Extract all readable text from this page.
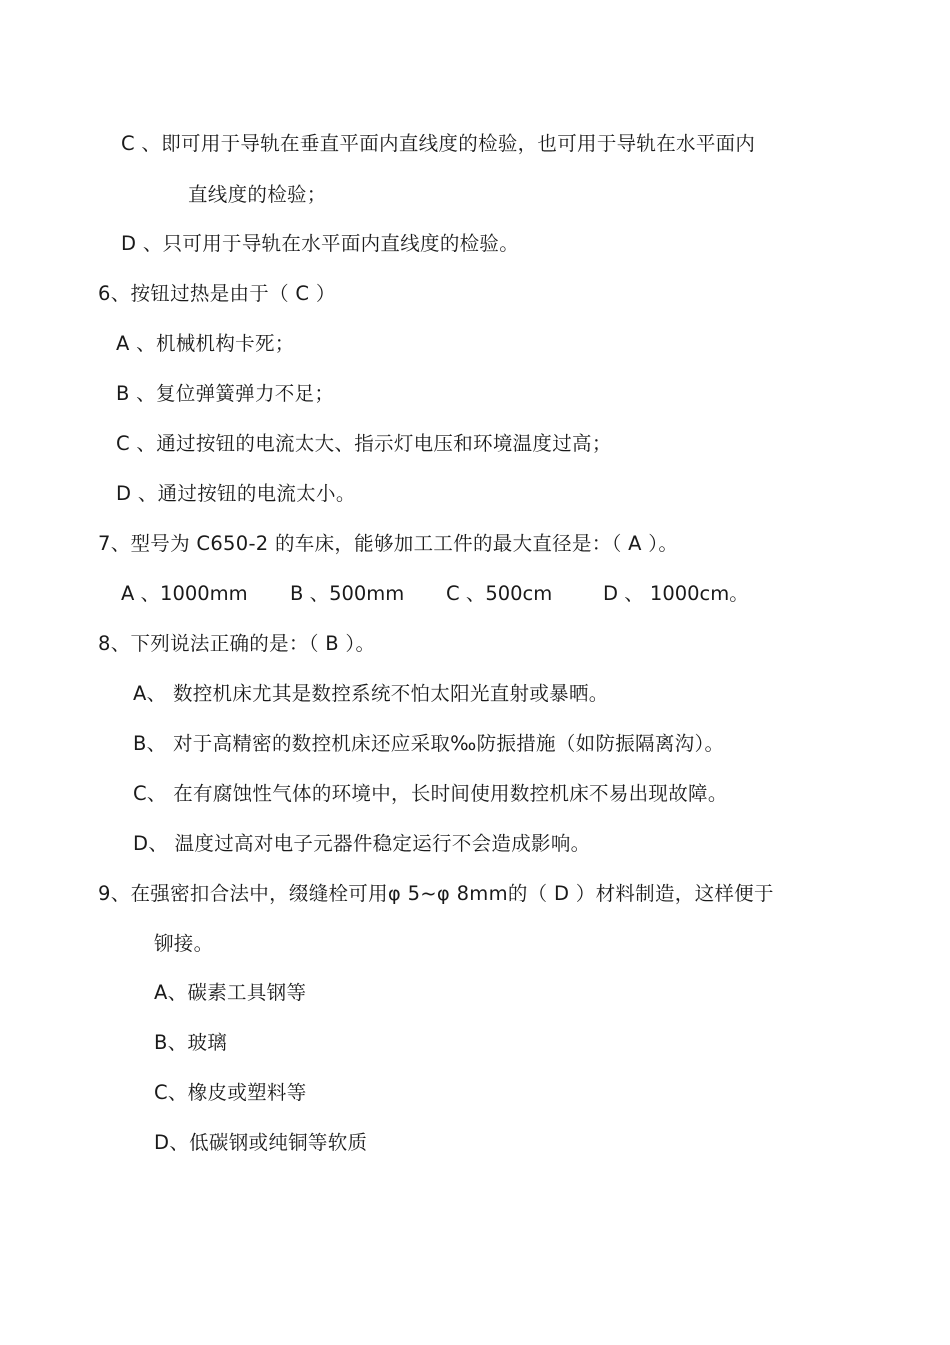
C 、即可用于导轨在垂直平面内直线度的检验，也可用于导轨在水平面内
直线度的检验；
D 、只可用于导轨在水平面内直线度的检验。
6、按钮过热是由于（ C ）
A 、机械机构卡死；
B 、复位弹簧弹力不足；
C 、通过按钮的电流太大、指示灯电压和环境温度过高；
D 、通过按钮的电流太小。
7、型号为 C650-2 的车床，能够加工工件的最大直径是：（ A ）。
A 、1000mm B 、500mm C 、500cm	D 、 1000cm。
8、下列说法正确的是：（ B ）。
A、 数控机床尤其是数控系统不怕太阳光直射或暴晒。
B、 对于高精密的数控机床还应采取‰防振措施（如防振隔离沟）。
C、 在有腐蚀性气体的环境中，长时间使用数控机床不易出现故障。
D、 温度过高对电子元器件稳定运行不会造成影响。
9、在强密扣合法中，缀缝栓可用φ 5~φ 8mm的（ D ）材料制造，这样便于
铆接。
A、碳素工具钢等
B、玻璃
C、橡皮或塑料等
D、低碳钢或纯铜等软质
